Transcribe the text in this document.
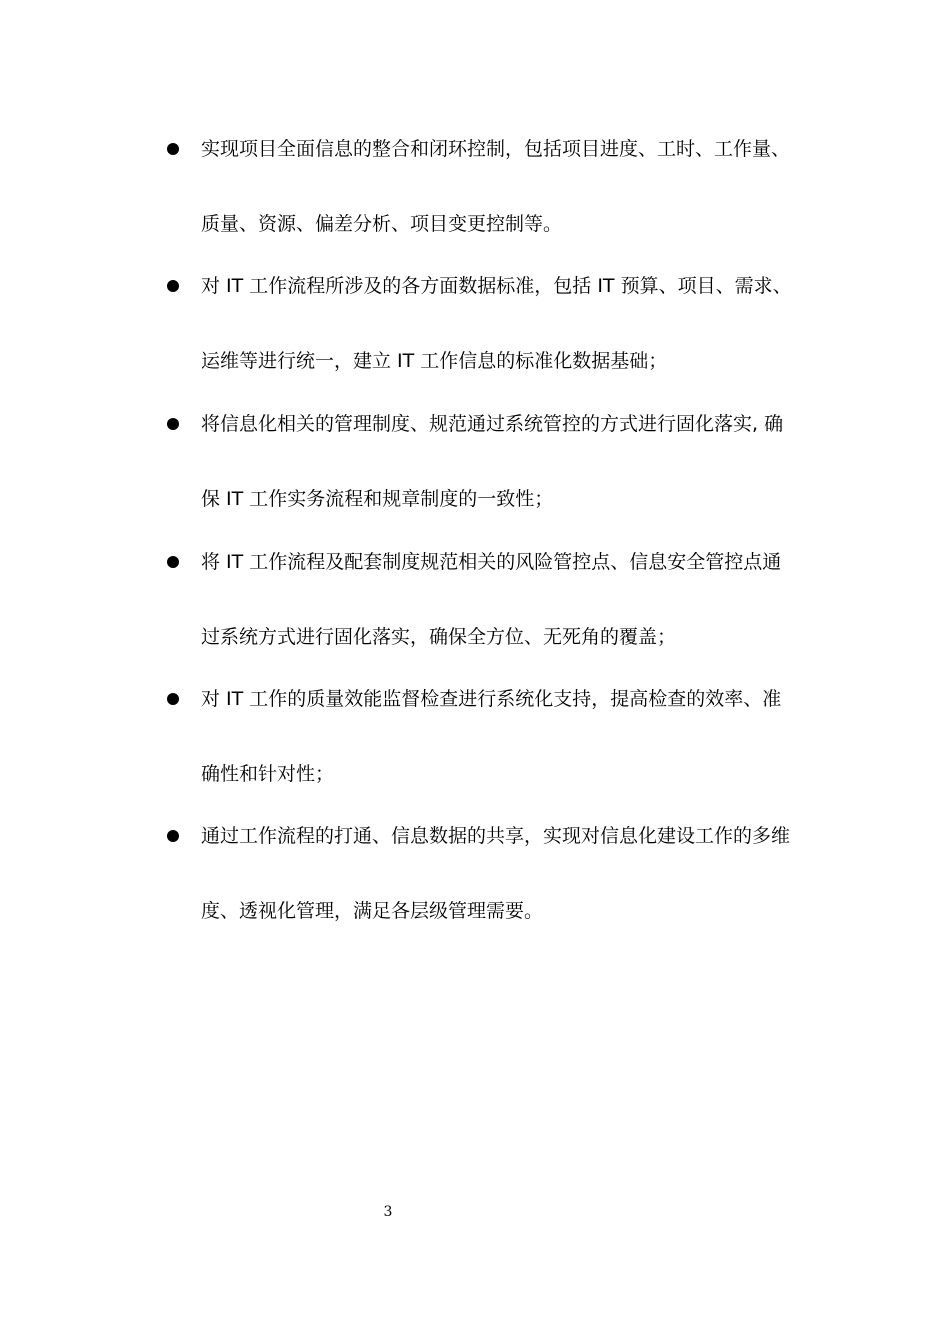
实现项目全面信息的整合和闭环控制，包括项目进度、工时、工作量、
质量、资源、偏差分析、项目变更控制等。
对 IT 工作流程所涉及的各方面数据标准，包括 IT 预算、项目、需求、
运维等进行统一，建立 IT 工作信息的标准化数据基础；
将信息化相关的管理制度、规范通过系统管控的方式进行固化落实, 确
保 IT 工作实务流程和规章制度的一致性；
将 IT 工作流程及配套制度规范相关的风险管控点、信息安全管控点通
过系统方式进行固化落实，确保全方位、无死角的覆盖；
对 IT 工作的质量效能监督检查进行系统化支持，提高检查的效率、准
确性和针对性；
通过工作流程的打通、信息数据的共享，实现对信息化建设工作的多维
度、透视化管理，满足各层级管理需要。
3
